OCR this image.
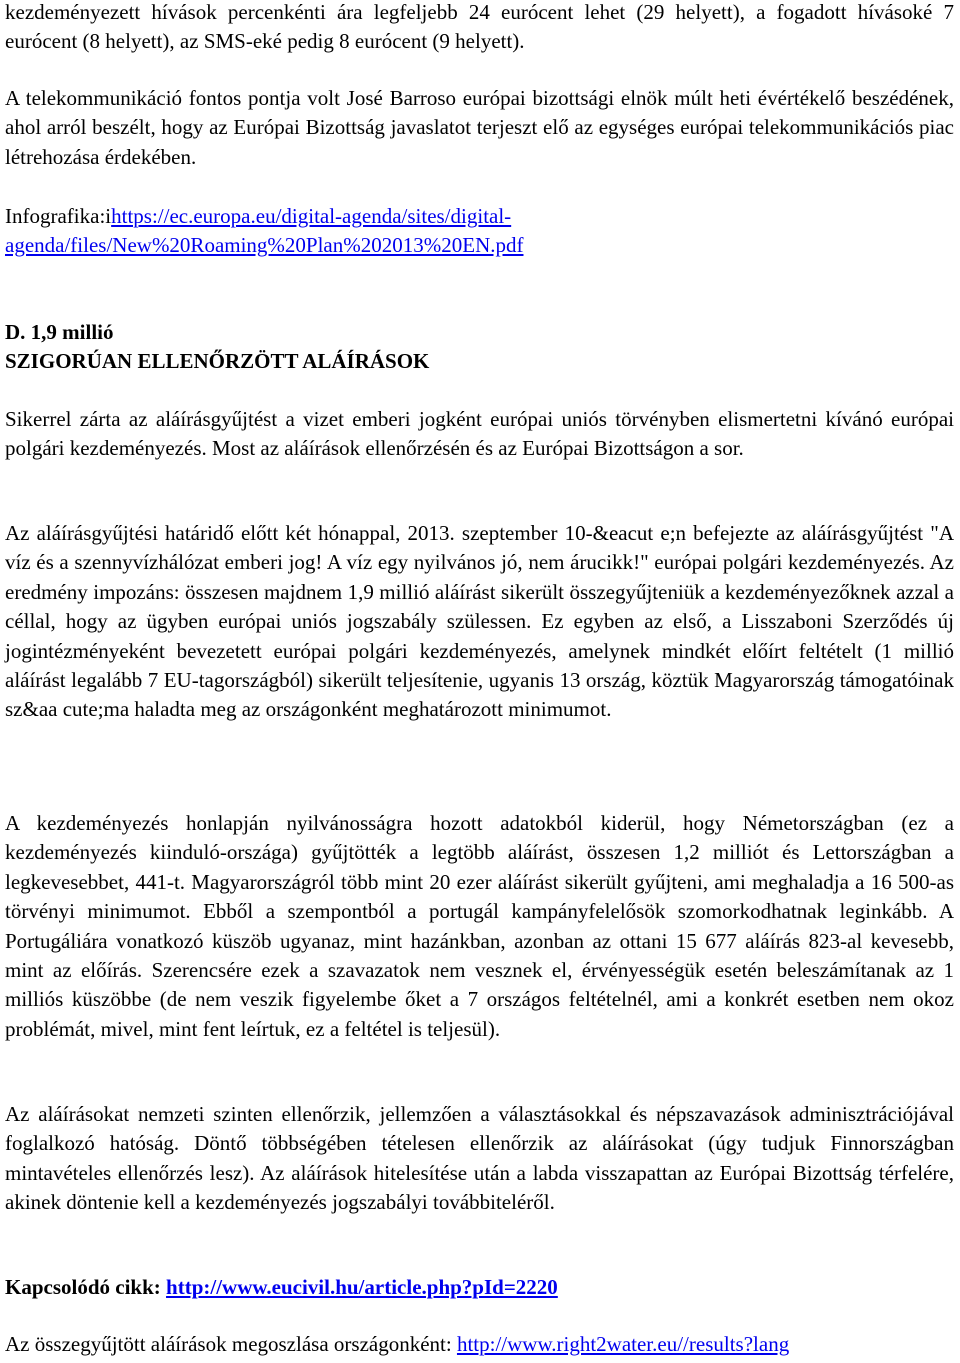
kezdeményezett hívások percenkénti ára legfeljebb 24 eurócent lehet (29 helyett), a fogadott hívásoké 7 eurócent (8 helyett), az SMS-eké pedig 8 eurócent (9 helyett).

A telekommunikáció fontos pontja volt José Barroso európai bizottsági elnök múlt heti évértékelő beszédének, ahol arról beszélt, hogy az Európai Bizottság javaslatot terjeszt elő az egységes európai telekommunikációs piac létrehozása érdekében.

Infografika:ihttps://ec.europa.eu/digital-agenda/sites/digital-agenda/files/New%20Roaming%20Plan%202013%20EN.pdf

D. 1,9 millió
SZIGORÚAN ELLENŐRZÖTT ALÁÍRÁSOK

Sikerrel zárta az aláírásgyűjtést a vizet emberi jogként európai uniós törvényben elismertetni kívánó európai polgári kezdeményezés. Most az aláírások ellenőrzésén és az Európai Bizottságon a sor.

Az aláírásgyűjtési határidő előtt két hónappal, 2013. szeptember 10-&eacut e;n befejezte az aláírásgyűjtést "A víz és a szennyvízhálózat emberi jog! A víz egy nyilvános jó, nem árucikk!" európai polgári kezdeményezés. Az eredmény impozáns: összesen majdnem 1,9 millió aláírást sikerült összegyűjteniük a kezdeményezőknek azzal a céllal, hogy az ügyben európai uniós jogszabály szülessen. Ez egyben az első, a Lisszaboni Szerződés új jogintézményeként bevezetett európai polgári kezdeményezés, amelynek mindkét előírt feltételt (1 millió aláírást legalább 7 EU-tagországból) sikerült teljesítenie, ugyanis 13 ország, köztük Magyarország támogatóinak sz&aa cute;ma haladta meg az országonként meghatározott minimumot.

A kezdeményezés honlapján nyilvánosságra hozott adatokból kiderül, hogy Németországban (ez a kezdeményezés kiinduló-országa) gyűjtötték a legtöbb aláírást, összesen 1,2 milliót és Lettországban a legkevesebbet, 441-t. Magyarországról több mint 20 ezer aláírást sikerült gyűjteni, ami meghaladja a 16 500-as törvényi minimumot. Ebből a szempontból a portugál kampányfelelősök szomorkodhatnak leginkább. A Portugáliára vonatkozó küszöb ugyanaz, mint hazánkban, azonban az ottani 15 677 aláírás 823-al kevesebb, mint az előírás. Szerencsére ezek a szavazatok nem vesznek el, érvényességük esetén beleszámítanak az 1 milliós küszöbbe (de nem veszik figyelembe őket a 7 országos feltételnél, ami a konkrét esetben nem okoz problémát, mivel, mint fent leírtuk, ez a feltétel is teljesül).

Az aláírásokat nemzeti szinten ellenőrzik, jellemzően a választásokkal és népszavazások adminisztrációjával foglalkozó hatóság. Döntő többségében tételesen ellenőrzik az aláírásokat (úgy tudjuk Finnországban mintavételes ellenőrzés lesz). Az aláírások hitelesítése után a labda visszapattan az Európai Bizottság térfelére, akinek döntenie kell a kezdeményezés jogszabályi továbbiteléről.

Kapcsolódó cikk: http://www.eucivil.hu/article.php?pId=2220
Az összegyűjtött aláírások megoszlása országonként: http://www.right2water.eu//results?lang
